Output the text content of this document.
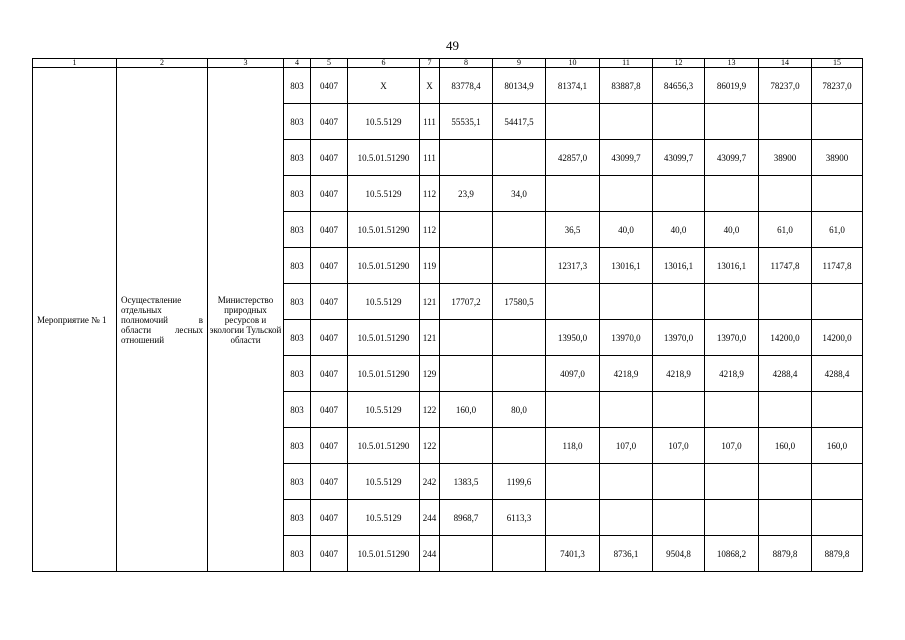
49
1	2	3	4	5	6	7	8	9	10	11	12	13	14	15
Мероприятие № 1	Осуществление отдельных полномочий в области лесных отношений	Министерство природных ресурсов и экологии Тульской области	803	0407	X	X	83778,4	80134,9	81374,1	83887,8	84656,3	86019,9	78237,0	78237,0
			803	0407	10.5.5129	111	55535,1	54417,5						
			803	0407	10.5.01.51290	111			42857,0	43099,7	43099,7	43099,7	38900	38900
			803	0407	10.5.5129	112	23,9	34,0						
			803	0407	10.5.01.51290	112			36,5	40,0	40,0	40,0	61,0	61,0
			803	0407	10.5.01.51290	119			12317,3	13016,1	13016,1	13016,1	11747,8	11747,8
			803	0407	10.5.5129	121	17707,2	17580,5						
			803	0407	10.5.01.51290	121			13950,0	13970,0	13970,0	13970,0	14200,0	14200,0
			803	0407	10.5.01.51290	129			4097,0	4218,9	4218,9	4218,9	4288,4	4288,4
			803	0407	10.5.5129	122	160,0	80,0						
			803	0407	10.5.01.51290	122			118,0	107,0	107,0	107,0	160,0	160,0
			803	0407	10.5.5129	242	1383,5	1199,6						
			803	0407	10.5.5129	244	8968,7	6113,3						
			803	0407	10.5.01.51290	244			7401,3	8736,1	9504,8	10868,2	8879,8	8879,8
